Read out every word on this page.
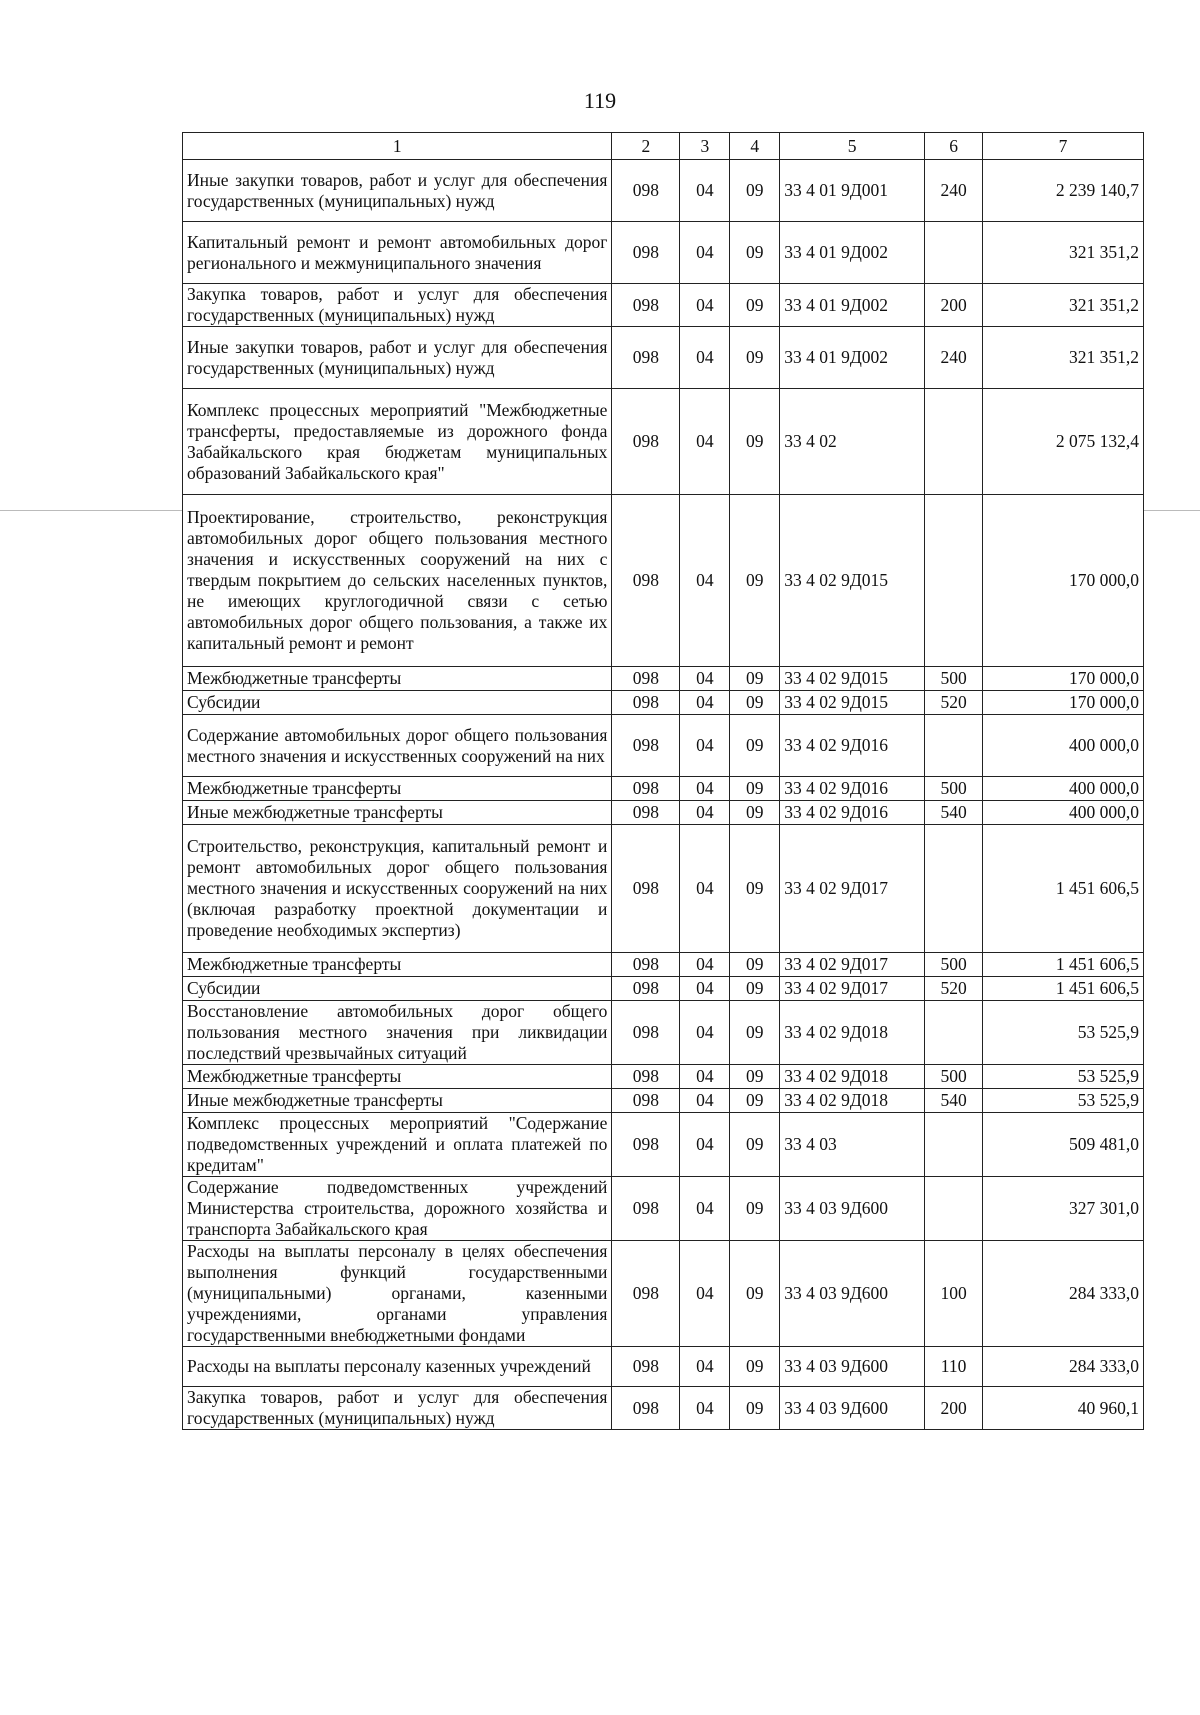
119
1	2	3	4	5	6	7
Иные закупки товаров, работ и услуг для обеспечения государственных (муниципальных) нужд	098	04	09	33 4 01 9Д001	240	2 239 140,7
Капитальный ремонт и ремонт автомобильных дорог регионального и межмуниципального значения	098	04	09	33 4 01 9Д002		321 351,2
Закупка товаров, работ и услуг для обеспечения государственных (муниципальных) нужд	098	04	09	33 4 01 9Д002	200	321 351,2
Иные закупки товаров, работ и услуг для обеспечения государственных (муниципальных) нужд	098	04	09	33 4 01 9Д002	240	321 351,2
Комплекс процессных мероприятий "Межбюджетные трансферты, предоставляемые из дорожного фонда Забайкальского края бюджетам муниципальных образований Забайкальского края"	098	04	09	33 4 02		2 075 132,4
Проектирование, строительство, реконструкция автомобильных дорог общего пользования местного значения и искусственных сооружений на них с твердым покрытием до сельских населенных пунктов, не имеющих круглогодичной связи с сетью автомобильных дорог общего пользования, а также их капитальный ремонт и ремонт	098	04	09	33 4 02 9Д015		170 000,0
Межбюджетные трансферты	098	04	09	33 4 02 9Д015	500	170 000,0
Субсидии	098	04	09	33 4 02 9Д015	520	170 000,0
Содержание автомобильных дорог общего пользования местного значения и искусственных сооружений на них	098	04	09	33 4 02 9Д016		400 000,0
Межбюджетные трансферты	098	04	09	33 4 02 9Д016	500	400 000,0
Иные межбюджетные трансферты	098	04	09	33 4 02 9Д016	540	400 000,0
Строительство, реконструкция, капитальный ремонт и ремонт автомобильных дорог общего пользования местного значения и искусственных сооружений на них (включая разработку проектной документации и проведение необходимых экспертиз)	098	04	09	33 4 02 9Д017		1 451 606,5
Межбюджетные трансферты	098	04	09	33 4 02 9Д017	500	1 451 606,5
Субсидии	098	04	09	33 4 02 9Д017	520	1 451 606,5
Восстановление автомобильных дорог общего пользования местного значения при ликвидации последствий чрезвычайных ситуаций	098	04	09	33 4 02 9Д018		53 525,9
Межбюджетные трансферты	098	04	09	33 4 02 9Д018	500	53 525,9
Иные межбюджетные трансферты	098	04	09	33 4 02 9Д018	540	53 525,9
Комплекс процессных мероприятий "Содержание подведомственных учреждений и оплата платежей по кредитам"	098	04	09	33 4 03		509 481,0
Содержание подведомственных учреждений Министерства строительства, дорожного хозяйства и транспорта Забайкальского края	098	04	09	33 4 03 9Д600		327 301,0
Расходы на выплаты персоналу в целях обеспечения выполнения функций государственными (муниципальными) органами, казенными учреждениями, органами управления государственными внебюджетными фондами	098	04	09	33 4 03 9Д600	100	284 333,0
Расходы на выплаты персоналу казенных учреждений	098	04	09	33 4 03 9Д600	110	284 333,0
Закупка товаров, работ и услуг для обеспечения государственных (муниципальных) нужд	098	04	09	33 4 03 9Д600	200	40 960,1
